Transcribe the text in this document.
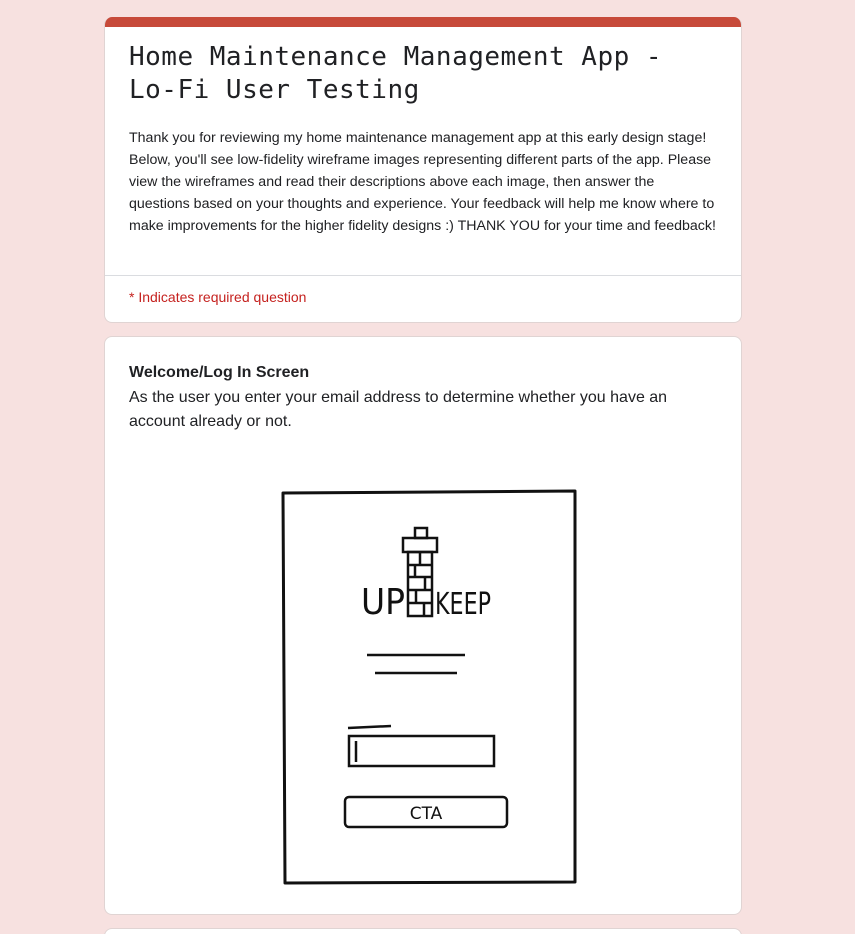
Home Maintenance Management App - Lo-Fi User Testing
Thank you for reviewing my home maintenance management app at this early design stage! Below, you'll see low-fidelity wireframe images representing different parts of the app. Please view the wireframes and read their descriptions above each image, then answer the questions based on your thoughts and experience. Your feedback will help me know where to make improvements for the higher fidelity designs :) THANK YOU for your time and feedback!
* Indicates required question
Welcome/Log In Screen
As the user you enter your email address to determine whether you have an account already or not.
UP KEEP
CTA
